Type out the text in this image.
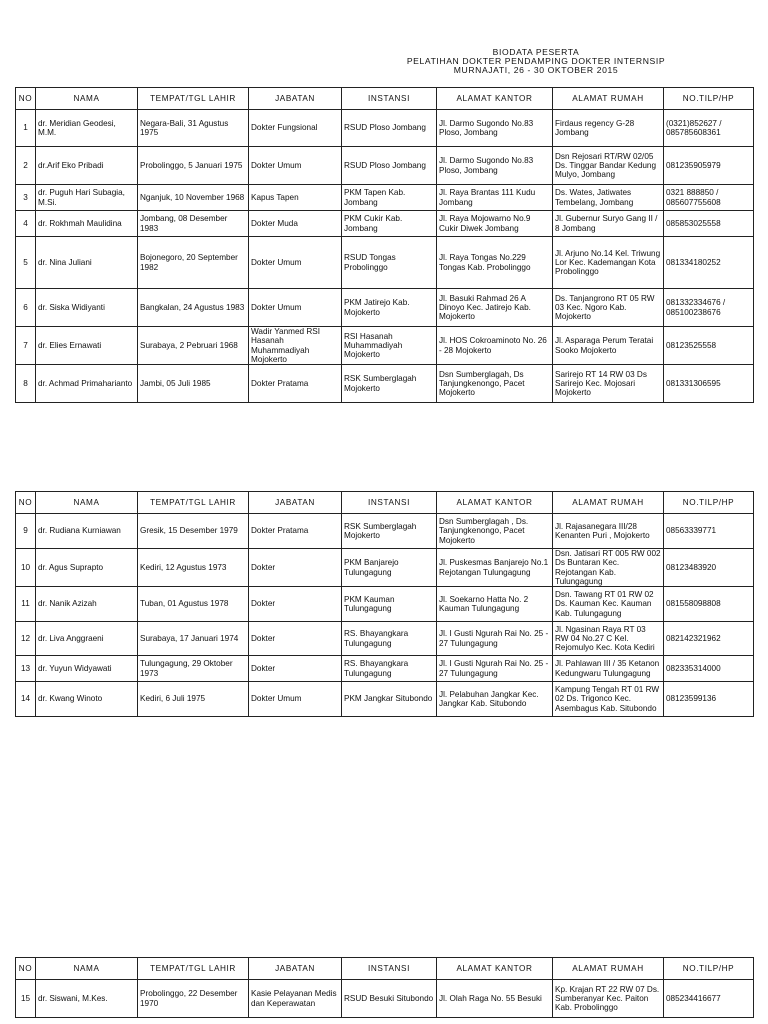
BIODATA PESERTA
PELATIHAN DOKTER PENDAMPING DOKTER INTERNSIP
MURNAJATI, 26 - 30 OKTOBER 2015
NO	NAMA	TEMPAT/TGL LAHIR	JABATAN	INSTANSI	ALAMAT KANTOR	ALAMAT RUMAH	NO.TILP/HP
1	dr. Meridian Geodesi, M.M.	Negara-Bali, 31 Agustus 1975	Dokter Fungsional	RSUD Ploso Jombang	Jl. Darmo Sugondo No.83 Ploso, Jombang	Firdaus regency G-28 Jombang	(0321)852627 / 085785608361
2	dr.Arif Eko Pribadi	Probolinggo, 5 Januari 1975	Dokter Umum	RSUD Ploso Jombang	Jl. Darmo Sugondo No.83 Ploso, Jombang	Dsn Rejosari RT/RW 02/05 Ds. Tinggar Bandar Kedung Mulyo, Jombang	081235905979
3	dr. Puguh Hari Subagia, M.Si.	Nganjuk, 10 November 1968	Kapus Tapen	PKM Tapen Kab. Jombang	Jl. Raya Brantas 111 Kudu Jombang	Ds. Wates, Jatiwates Tembelang, Jombang	0321 888850 / 085607755608
4	dr. Rokhmah Maulidina	Jombang, 08 Desember 1983	Dokter Muda	PKM Cukir Kab. Jombang	Jl. Raya Mojowarno No.9 Cukir Diwek Jombang	Jl. Gubernur Suryo Gang II / 8 Jombang	085853025558
5	dr. Nina Juliani	Bojonegoro, 20 September 1982	Dokter Umum	RSUD Tongas Probolinggo	Jl. Raya Tongas No.229 Tongas Kab. Probolinggo	Jl. Arjuno No.14 Kel. Triwung Lor Kec. Kademangan Kota Probolinggo	081334180252
6	dr. Siska Widiyanti	Bangkalan, 24 Agustus 1983	Dokter Umum	PKM Jatirejo Kab. Mojokerto	Jl. Basuki Rahmad 26 A Dinoyo Kec. Jatirejo Kab. Mojokerto	Ds. Tanjangrono RT 05 RW 03 Kec. Ngoro Kab. Mojokerto	081332334676 / 085100238676
7	dr. Elies Ernawati	Surabaya, 2 Pebruari 1968	Wadir Yanmed RSI Hasanah Muhammadiyah Mojokerto	RSI Hasanah Muhammadiyah Mojokerto	Jl. HOS Cokroaminoto No. 26 - 28 Mojokerto	Jl. Asparaga Perum Teratai Sooko Mojokerto	08123525558
8	dr. Achmad Primaharianto	Jambi, 05 Juli 1985	Dokter Pratama	RSK Sumberglagah Mojokerto	Dsn Sumberglagah, Ds Tanjungkenongo, Pacet Mojokerto	Sarirejo RT 14 RW 03 Ds Sarirejo Kec. Mojosari Mojokerto	081331306595
NO	NAMA	TEMPAT/TGL LAHIR	JABATAN	INSTANSI	ALAMAT KANTOR	ALAMAT RUMAH	NO.TILP/HP
9	dr. Rudiana Kurniawan	Gresik, 15 Desember 1979	Dokter Pratama	RSK Sumberglagah Mojokerto	Dsn Sumberglagah , Ds. Tanjungkenongo, Pacet Mojokerto	Jl. Rajasanegara III/28 Kenanten Puri , Mojokerto	08563339771
10	dr. Agus Suprapto	Kediri, 12 Agustus 1973	Dokter	PKM Banjarejo Tulungagung	Jl. Puskesmas Banjarejo No.1 Rejotangan Tulungagung	Dsn. Jatisari RT 005 RW 002 Ds Buntaran Kec. Rejotangan Kab. Tulungagung	08123483920
11	dr. Nanik Azizah	Tuban, 01 Agustus 1978	Dokter	PKM Kauman Tulungagung	Jl. Soekarno Hatta No. 2 Kauman Tulungagung	Dsn. Tawang RT 01 RW 02 Ds. Kauman Kec. Kauman Kab. Tulungagung	081558098808
12	dr. Liva Anggraeni	Surabaya, 17 Januari 1974	Dokter	RS. Bhayangkara Tulungagung	Jl. I Gusti Ngurah Rai No. 25 - 27 Tulungagung	Jl. Ngasinan Raya RT 03 RW 04 No.27 C Kel. Rejomulyo Kec. Kota Kediri	082142321962
13	dr. Yuyun Widyawati	Tulungagung, 29 Oktober 1973	Dokter	RS. Bhayangkara Tulungagung	Jl. I Gusti Ngurah Rai No. 25 - 27 Tulungagung	Jl. Pahlawan III / 35 Ketanon Kedungwaru Tulungagung	082335314000
14	dr. Kwang Winoto	Kediri, 6 Juli 1975	Dokter Umum	PKM Jangkar Situbondo	Jl. Pelabuhan Jangkar Kec. Jangkar Kab. Situbondo	Kampung Tengah RT 01 RW 02 Ds. Trigonco Kec. Asembagus Kab. Situbondo	08123599136
NO	NAMA	TEMPAT/TGL LAHIR	JABATAN	INSTANSI	ALAMAT KANTOR	ALAMAT RUMAH	NO.TILP/HP
15	dr. Siswani, M.Kes.	Probolinggo, 22 Desember 1970	Kasie Pelayanan Medis dan Keperawatan	RSUD Besuki Situbondo	Jl. Olah Raga No. 55 Besuki	Kp. Krajan RT 22 RW 07 Ds. Sumberanyar Kec. Paiton Kab. Probolinggo	085234416677
